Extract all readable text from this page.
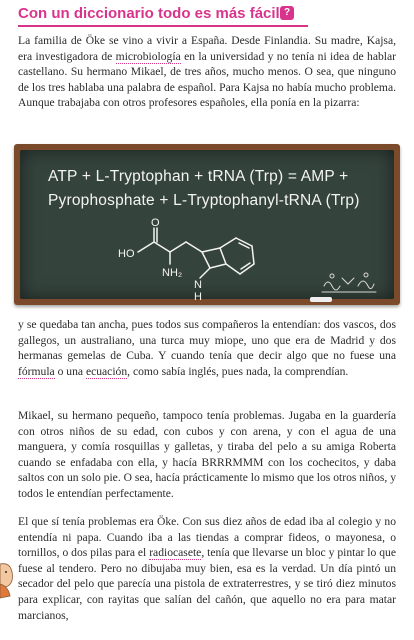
Con un diccionario todo es más fácil ?

La familia de Öke se vino a vivir a España. Desde Finlandia. Su madre, Kajsa, era investigadora de microbiología en la universidad y no tenía ni idea de hablar castellano. Su hermano Mikael, de tres años, mucho menos. O sea, que ninguno de los tres hablaba una palabra de español. Para Kajsa no había mucho problema. Aunque trabajaba con otros profesores españoles, ella ponía en la pizarra:

ATP + L-Tryptophan + tRNA (Trp) = AMP +
Pyrophosphate + L-Tryptophanyl-tRNA (Trp)
O
HO
NH₂
N
H

y se quedaba tan ancha, pues todos sus compañeros la entendían: dos vascos, dos gallegos, un australiano, una turca muy miope, uno que era de Madrid y dos hermanas gemelas de Cuba. Y cuando tenía que decir algo que no fuese una fórmula o una ecuación, como sabía inglés, pues nada, la comprendían.

Mikael, su hermano pequeño, tampoco tenía problemas. Jugaba en la guardería con otros niños de su edad, con cubos y con arena, y con el agua de una manguera, y comía rosquillas y galletas, y tiraba del pelo a su amiga Roberta cuando se enfadaba con ella, y hacía BRRRMMM con los cochecitos, y daba saltos con un solo pie. O sea, hacía prácticamente lo mismo que los otros niños, y todos le entendían perfectamente.

El que sí tenía problemas era Öke. Con sus diez años de edad iba al colegio y no entendía ni papa. Cuando iba a las tiendas a comprar fideos, o mayonesa, o tornillos, o dos pilas para el radiocasete, tenía que llevarse un bloc y pintar lo que fuese al tendero. Pero no dibujaba muy bien, esa es la verdad. Un día pintó un secador del pelo que parecía una pistola de extraterrestres, y se tiró diez minutos para explicar, con rayitas que salían del cañón, que aquello no era para matar marcianos,
